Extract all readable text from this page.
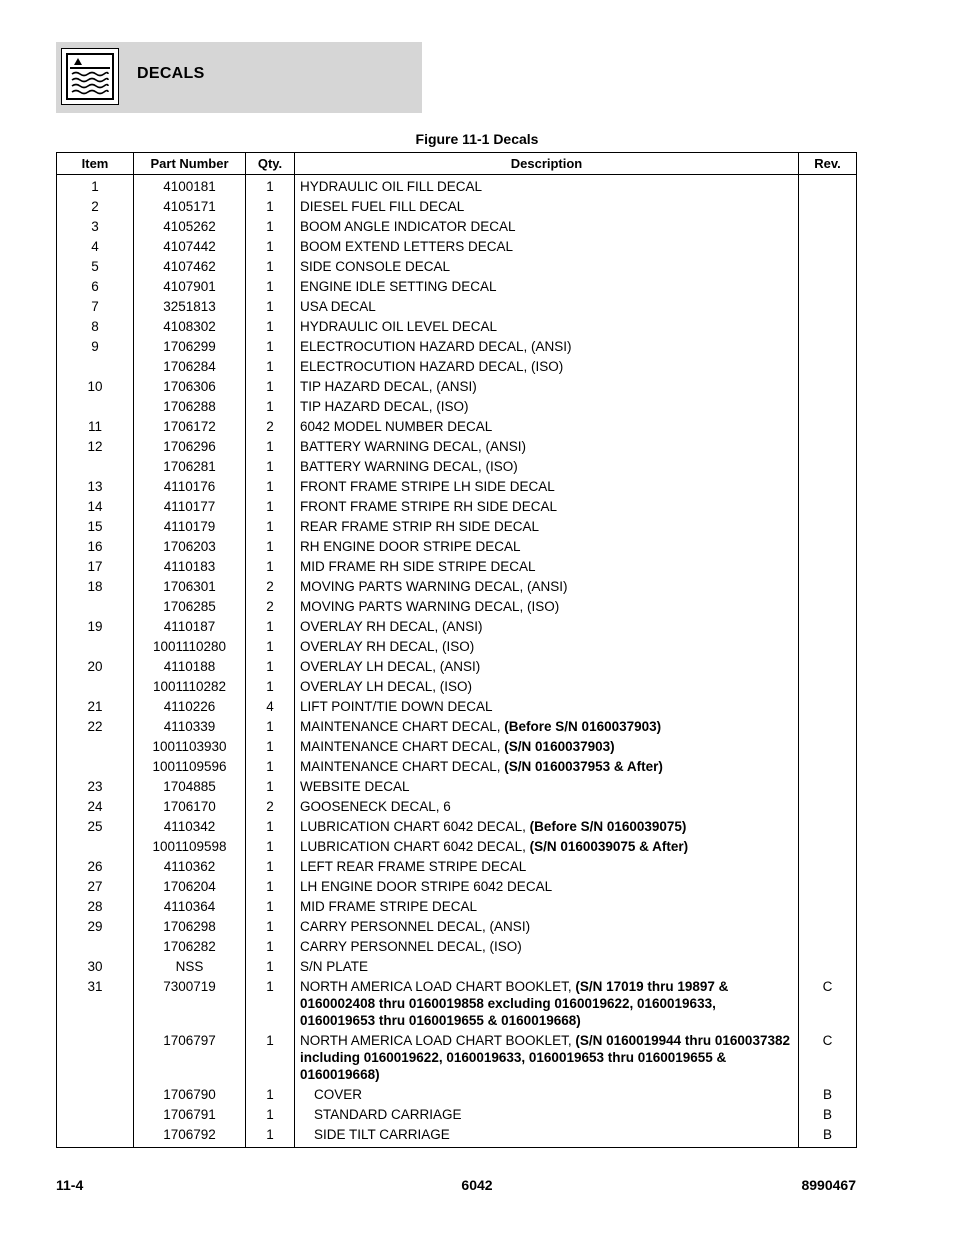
DECALS
Figure 11-1 Decals
Item	Part Number	Qty.	Description	Rev.
1	4100181	1	HYDRAULIC OIL FILL DECAL	
2	4105171	1	DIESEL FUEL FILL DECAL	
3	4105262	1	BOOM ANGLE INDICATOR DECAL	
4	4107442	1	BOOM EXTEND LETTERS DECAL	
5	4107462	1	SIDE CONSOLE DECAL	
6	4107901	1	ENGINE IDLE SETTING DECAL	
7	3251813	1	USA DECAL	
8	4108302	1	HYDRAULIC OIL LEVEL DECAL	
9	1706299	1	ELECTROCUTION HAZARD DECAL, (ANSI)	
	1706284	1	ELECTROCUTION HAZARD DECAL, (ISO)	
10	1706306	1	TIP HAZARD DECAL, (ANSI)	
	1706288	1	TIP HAZARD DECAL, (ISO)	
11	1706172	2	6042 MODEL NUMBER DECAL	
12	1706296	1	BATTERY WARNING DECAL, (ANSI)	
	1706281	1	BATTERY WARNING DECAL, (ISO)	
13	4110176	1	FRONT FRAME STRIPE LH SIDE DECAL	
14	4110177	1	FRONT FRAME STRIPE RH SIDE DECAL	
15	4110179	1	REAR FRAME STRIP RH SIDE DECAL	
16	1706203	1	RH ENGINE DOOR STRIPE DECAL	
17	4110183	1	MID FRAME RH SIDE STRIPE DECAL	
18	1706301	2	MOVING PARTS WARNING DECAL, (ANSI)	
	1706285	2	MOVING PARTS WARNING DECAL, (ISO)	
19	4110187	1	OVERLAY RH DECAL, (ANSI)	
	1001110280	1	OVERLAY RH DECAL, (ISO)	
20	4110188	1	OVERLAY LH DECAL, (ANSI)	
	1001110282	1	OVERLAY LH DECAL, (ISO)	
21	4110226	4	LIFT POINT/TIE DOWN DECAL	
22	4110339	1	MAINTENANCE CHART DECAL, (Before S/N 0160037903)	
	1001103930	1	MAINTENANCE CHART DECAL, (S/N 0160037903)	
	1001109596	1	MAINTENANCE CHART DECAL, (S/N 0160037953 & After)	
23	1704885	1	WEBSITE DECAL	
24	1706170	2	GOOSENECK DECAL, 6	
25	4110342	1	LUBRICATION CHART 6042 DECAL, (Before S/N 0160039075)	
	1001109598	1	LUBRICATION CHART 6042 DECAL, (S/N 0160039075 & After)	
26	4110362	1	LEFT REAR FRAME STRIPE DECAL	
27	1706204	1	LH ENGINE DOOR STRIPE 6042 DECAL	
28	4110364	1	MID FRAME STRIPE DECAL	
29	1706298	1	CARRY PERSONNEL DECAL, (ANSI)	
	1706282	1	CARRY PERSONNEL DECAL, (ISO)	
30	NSS	1	S/N PLATE	
31	7300719	1	NORTH AMERICA LOAD CHART BOOKLET, (S/N 17019 thru 19897 & 0160002408 thru 0160019858 excluding 0160019622, 0160019633, 0160019653 thru 0160019655 & 0160019668)	C
	1706797	1	NORTH AMERICA LOAD CHART BOOKLET, (S/N 0160019944 thru 0160037382 including 0160019622, 0160019633, 0160019653 thru 0160019655 & 0160019668)	C
	1706790	1	COVER	B
	1706791	1	STANDARD CARRIAGE	B
	1706792	1	SIDE TILT CARRIAGE	B
11-4	6042	8990467
